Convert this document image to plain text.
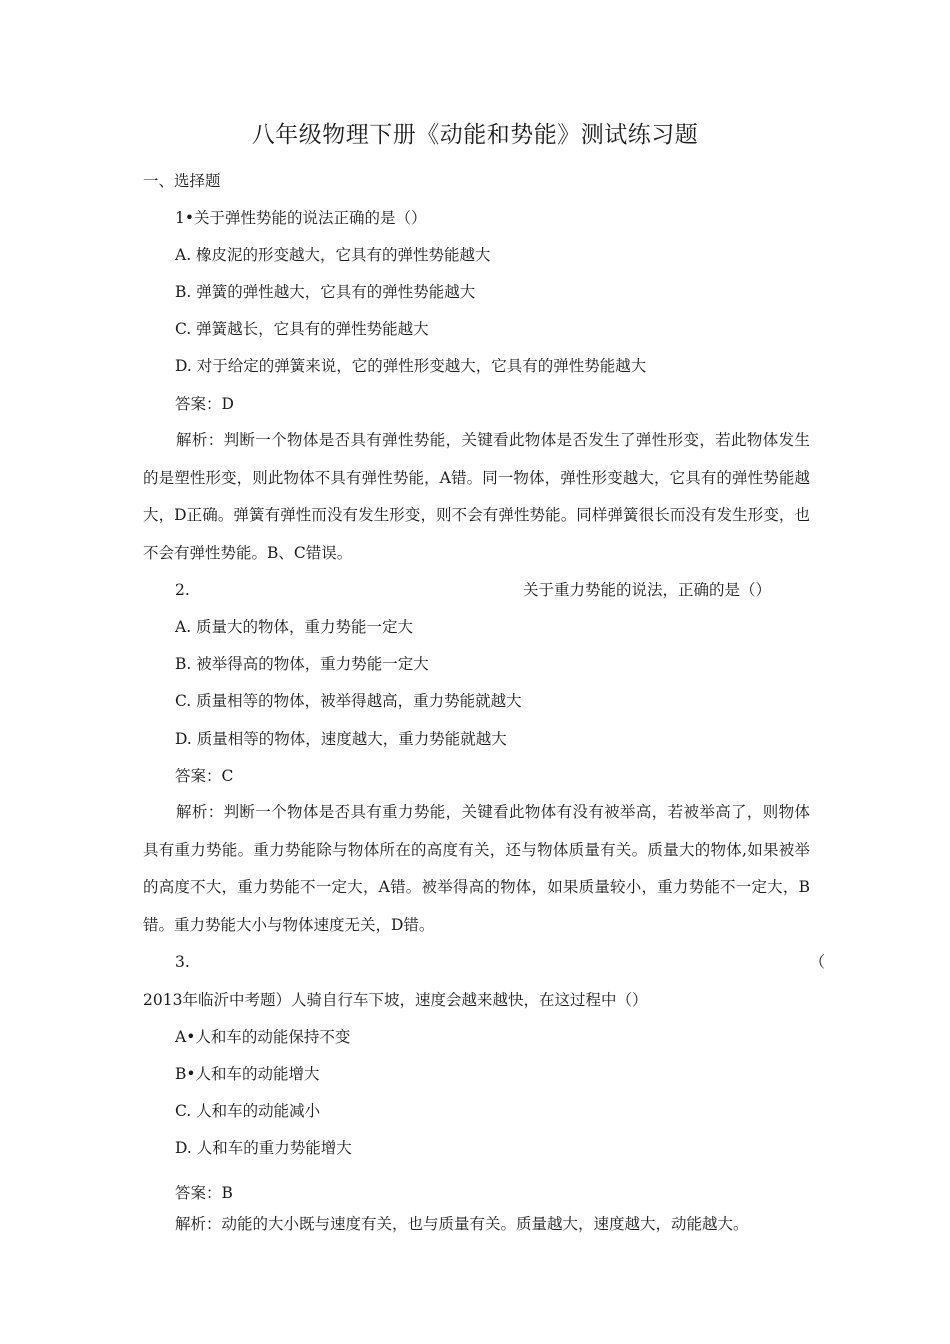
八年级物理下册《动能和势能》测试练习题
一、选择题
1•关于弹性势能的说法正确的是（）
A. 橡皮泥的形变越大，它具有的弹性势能越大
B. 弹簧的弹性越大，它具有的弹性势能越大
C. 弹簧越长，它具有的弹性势能越大
D. 对于给定的弹簧来说，它的弹性形变越大，它具有的弹性势能越大
答案：D
解析：判断一个物体是否具有弹性势能，关键看此物体是否发生了弹性形变，若此物体发生的是塑性形变，则此物体不具有弹性势能，A错。同一物体，弹性形变越大，它具有的弹性势能越大，D正确。弹簧有弹性而没有发生形变，则不会有弹性势能。同样弹簧很长而没有发生形变，也不会有弹性势能。B、C错误。
2.	关于重力势能的说法，正确的是（）
A. 质量大的物体，重力势能一定大
B. 被举得高的物体，重力势能一定大
C. 质量相等的物体，被举得越高，重力势能就越大
D. 质量相等的物体，速度越大，重力势能就越大
答案：C
解析：判断一个物体是否具有重力势能，关键看此物体有没有被举高，若被举高了，则物体具有重力势能。重力势能除与物体所在的高度有关，还与物体质量有关。质量大的物体,如果被举的高度不大，重力势能不一定大，A错。被举得高的物体，如果质量较小，重力势能不一定大，B错。重力势能大小与物体速度无关，D错。
3.	（
2013年临沂中考题）人骑自行车下坡，速度会越来越快，在这过程中（）
A•人和车的动能保持不变
B•人和车的动能增大
C. 人和车的动能减小
D. 人和车的重力势能增大
答案：B
解析：动能的大小既与速度有关，也与质量有关。质量越大，速度越大，动能越大。
